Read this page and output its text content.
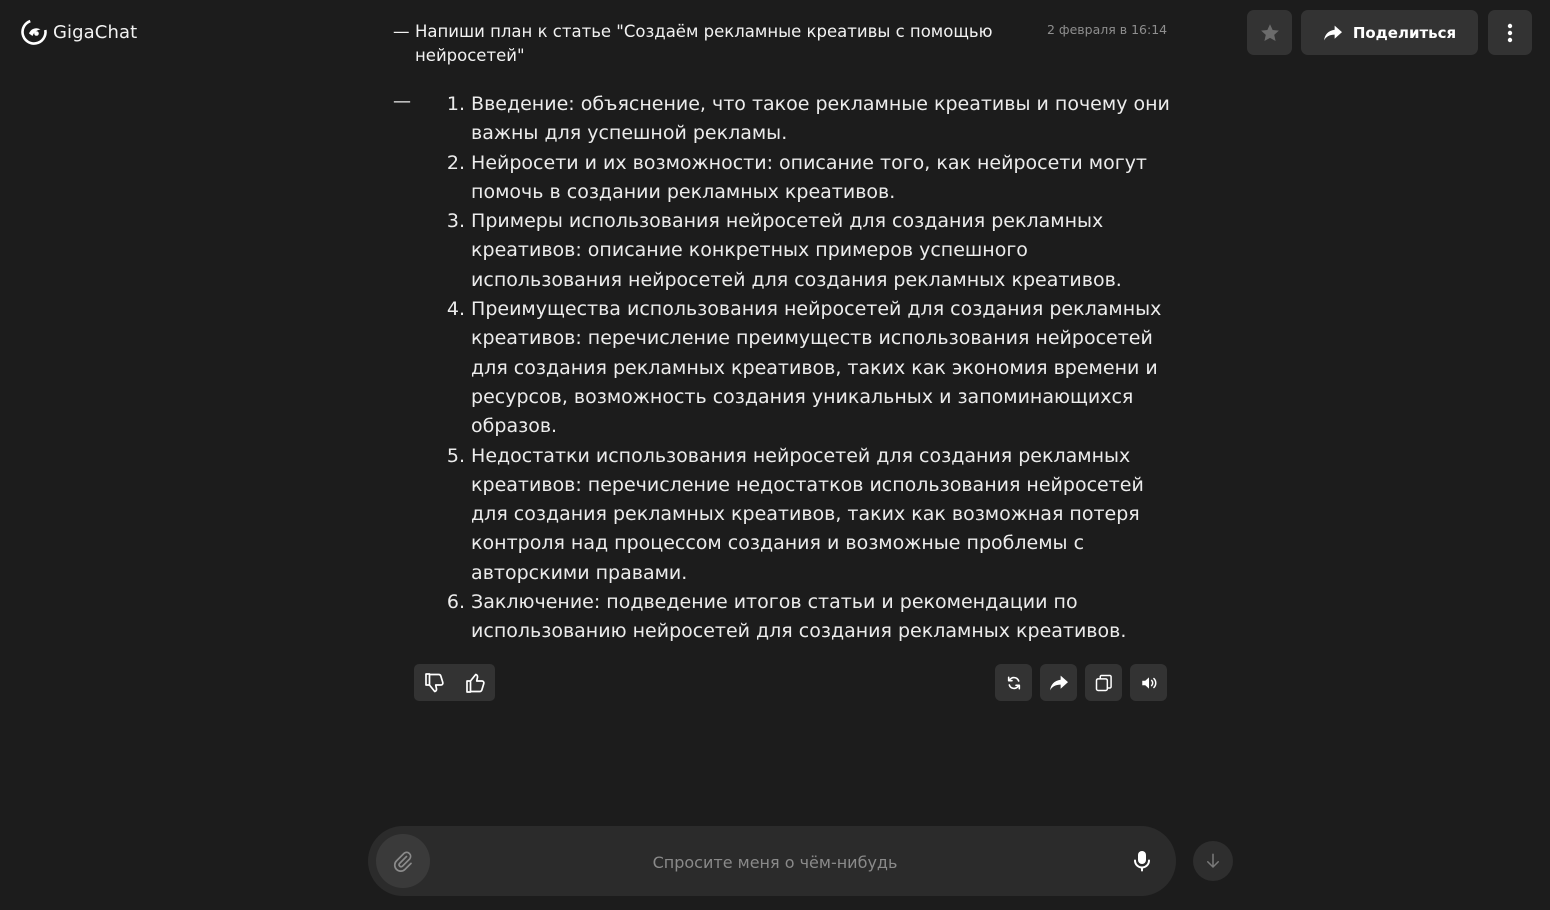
GigaChat	Поделиться
— Напиши план к статье "Создаём рекламные креативы с помощью нейросетей"
2 февраля в 16:14
—	1.
Введение: объяснение, что такое рекламные креативы и почему они важны для успешной рекламы.
2.
Нейросети и их возможности: описание того, как нейросети могут помочь в создании рекламных креативов.
3.
Примеры использования нейросетей для создания рекламных креативов: описание конкретных примеров успешного использования нейросетей для создания рекламных креативов.
4.
Преимущества использования нейросетей для создания рекламных креативов: перечисление преимуществ использования нейросетей для создания рекламных креативов, таких как экономия времени и ресурсов, возможность создания уникальных и запоминающихся образов.
5.
Недостатки использования нейросетей для создания рекламных креативов: перечисление недостатков использования нейросетей для создания рекламных креативов, таких как возможная потеря контроля над процессом создания и возможные проблемы с авторскими правами.
6.
Заключение: подведение итогов статьи и рекомендации по использованию нейросетей для создания рекламных креативов.
Спросите меня о чём-нибудь
